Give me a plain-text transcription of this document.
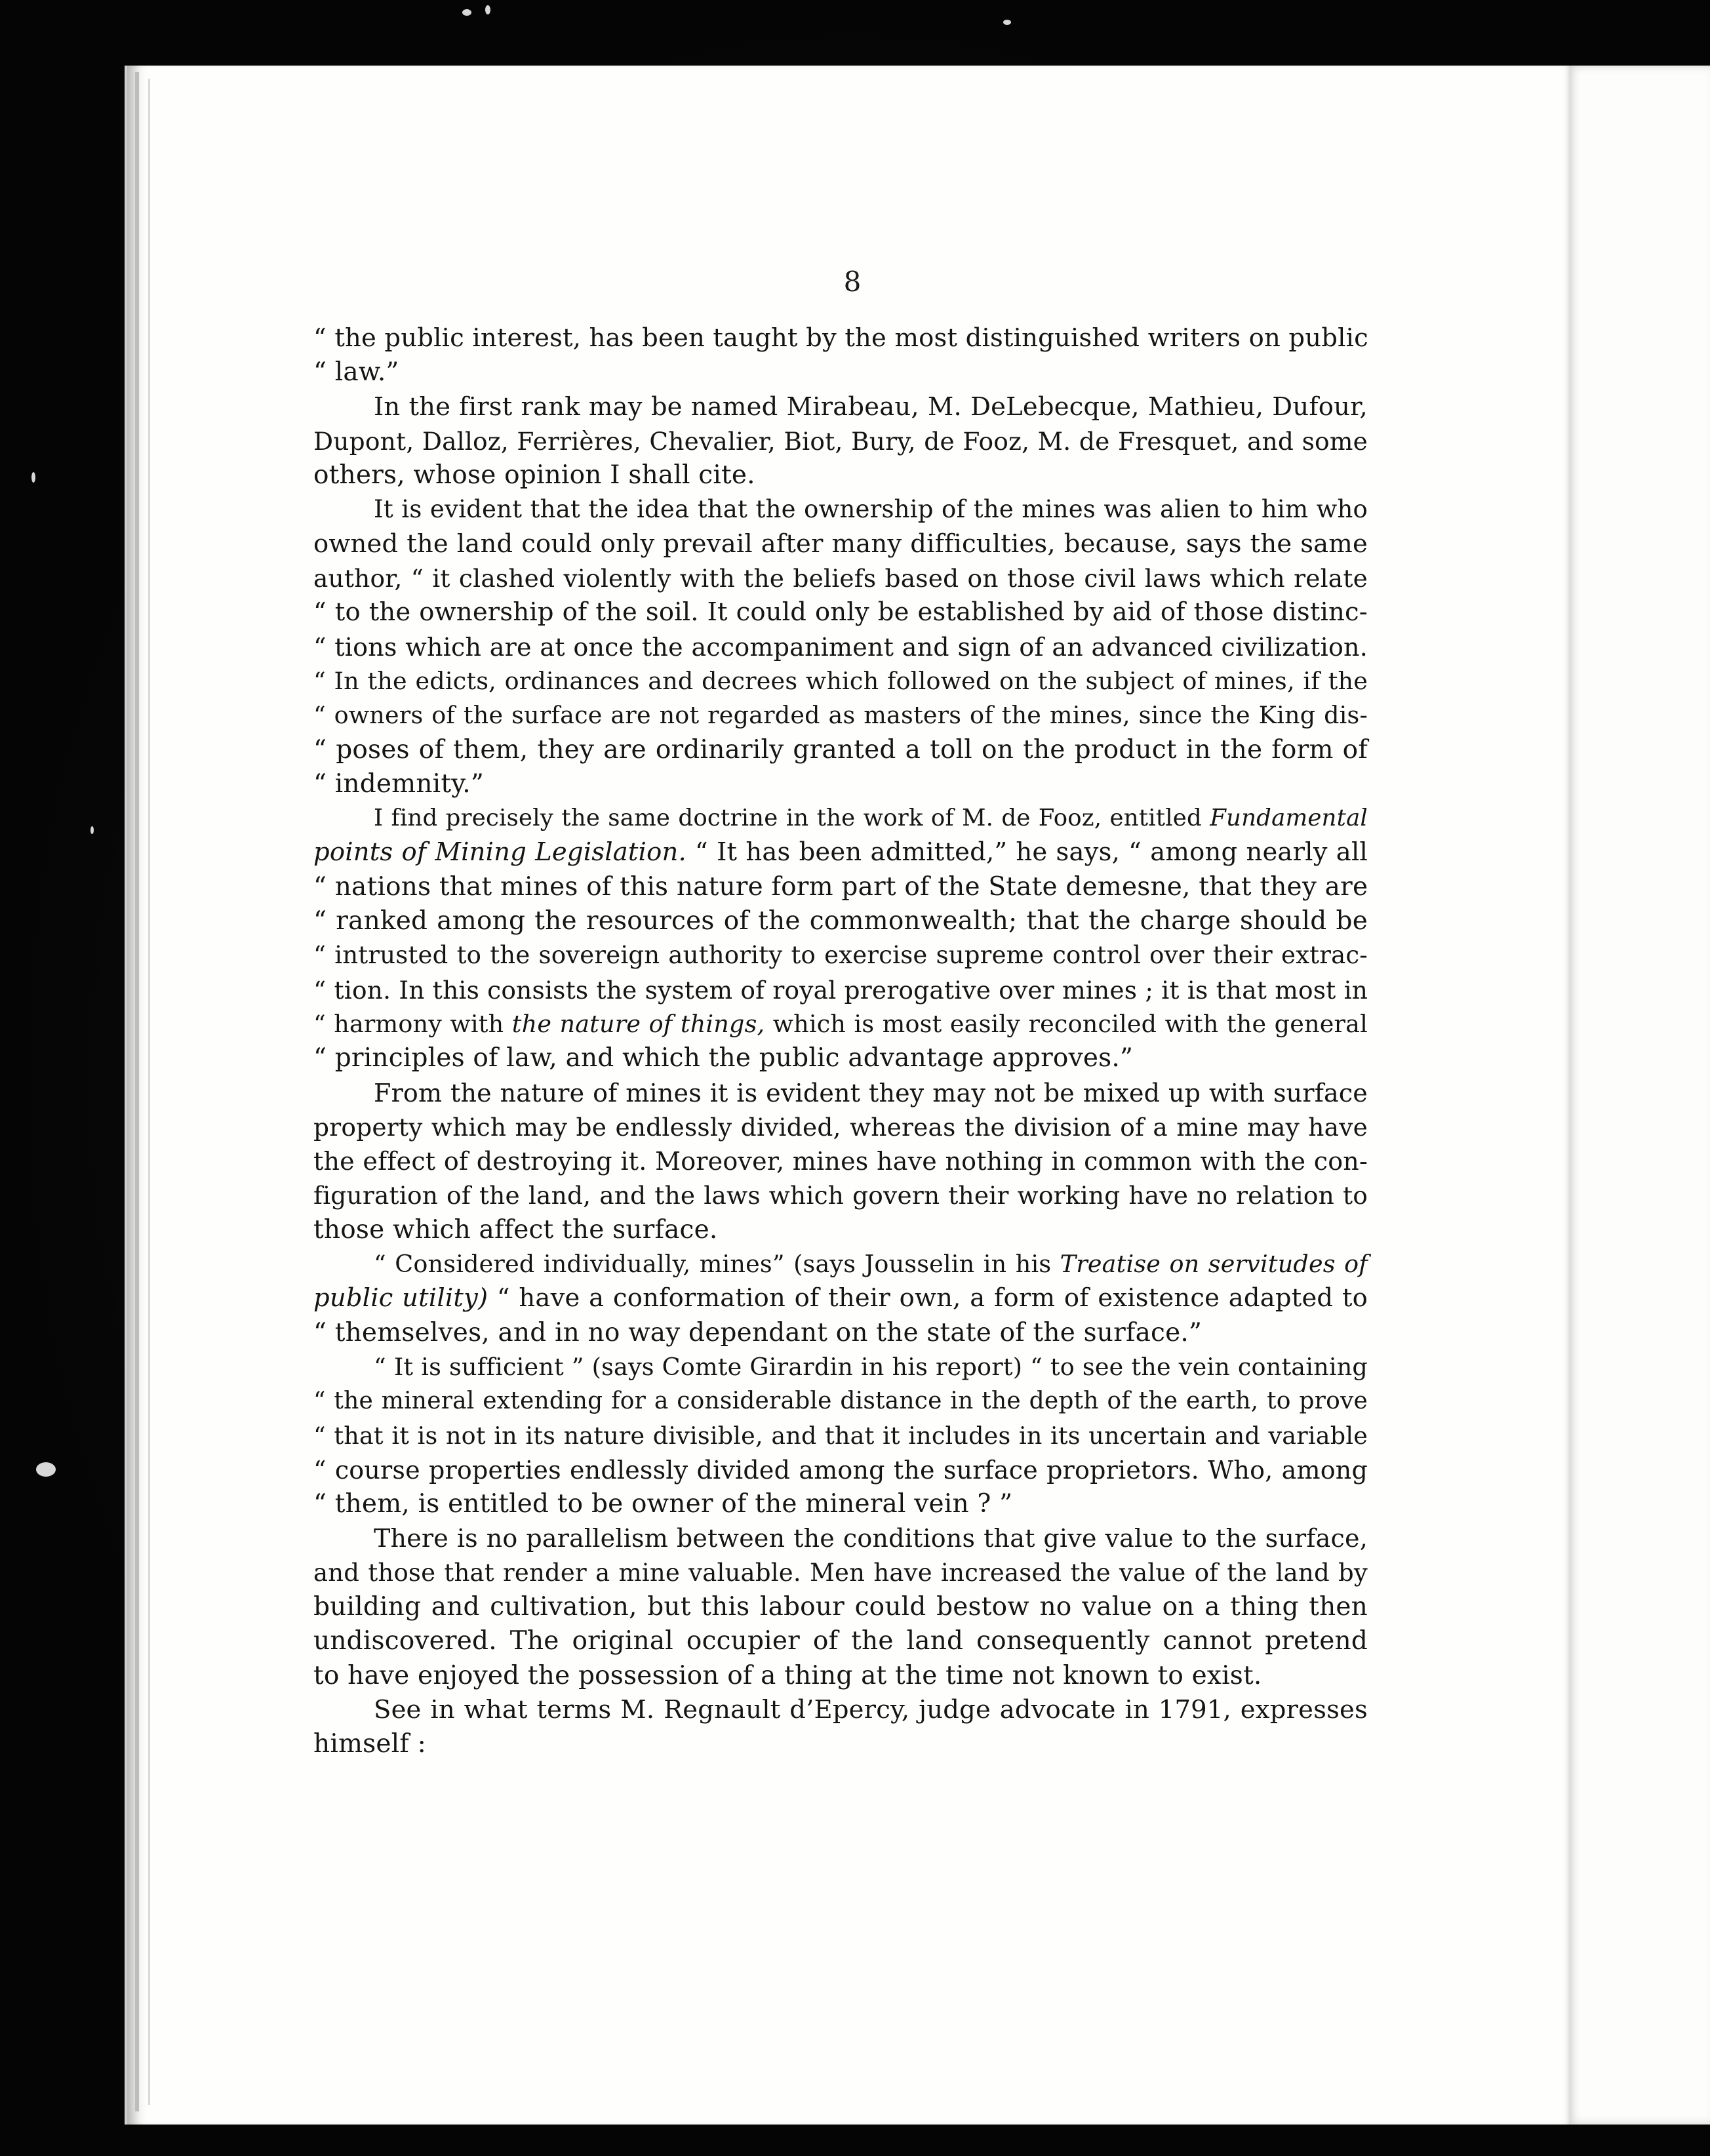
8
“ the public interest, has been taught by the most distinguished writers on public
“ law.”
In the first rank may be named Mirabeau, M. DeLebecque, Mathieu, Dufour,
Dupont, Dalloz, Ferrières, Chevalier, Biot, Bury, de Fooz, M. de Fresquet, and some
others, whose opinion I shall cite.
It is evident that the idea that the ownership of the mines was alien to him who
owned the land could only prevail after many difficulties, because, says the same
author, “ it clashed violently with the beliefs based on those civil laws which relate
“ to the ownership of the soil. It could only be established by aid of those distinc-
“ tions which are at once the accompaniment and sign of an advanced civilization.
“ In the edicts, ordinances and decrees which followed on the subject of mines, if the
“ owners of the surface are not regarded as masters of the mines, since the King dis-
“ poses of them, they are ordinarily granted a toll on the product in the form of
“ indemnity.”
I find precisely the same doctrine in the work of M. de Fooz, entitled Fundamental
points of Mining Legislation. “ It has been admitted,” he says, “ among nearly all
“ nations that mines of this nature form part of the State demesne, that they are
“ ranked among the resources of the commonwealth; that the charge should be
“ intrusted to the sovereign authority to exercise supreme control over their extrac-
“ tion. In this consists the system of royal prerogative over mines ; it is that most in
“ harmony with the nature of things, which is most easily reconciled with the general
“ principles of law, and which the public advantage approves.”
From the nature of mines it is evident they may not be mixed up with surface
property which may be endlessly divided, whereas the division of a mine may have
the effect of destroying it. Moreover, mines have nothing in common with the con-
figuration of the land, and the laws which govern their working have no relation to
those which affect the surface.
“ Considered individually, mines” (says Jousselin in his Treatise on servitudes of
public utility) “ have a conformation of their own, a form of existence adapted to
“ themselves, and in no way dependant on the state of the surface.”
“ It is sufficient ” (says Comte Girardin in his report) “ to see the vein containing
“ the mineral extending for a considerable distance in the depth of the earth, to prove
“ that it is not in its nature divisible, and that it includes in its uncertain and variable
“ course properties endlessly divided among the surface proprietors. Who, among
“ them, is entitled to be owner of the mineral vein ? ”
There is no parallelism between the conditions that give value to the surface,
and those that render a mine valuable. Men have increased the value of the land by
building and cultivation, but this labour could bestow no value on a thing then
undiscovered. The original occupier of the land consequently cannot pretend
to have enjoyed the possession of a thing at the time not known to exist.
See in what terms M. Regnault d’Epercy, judge advocate in 1791, expresses
himself :
